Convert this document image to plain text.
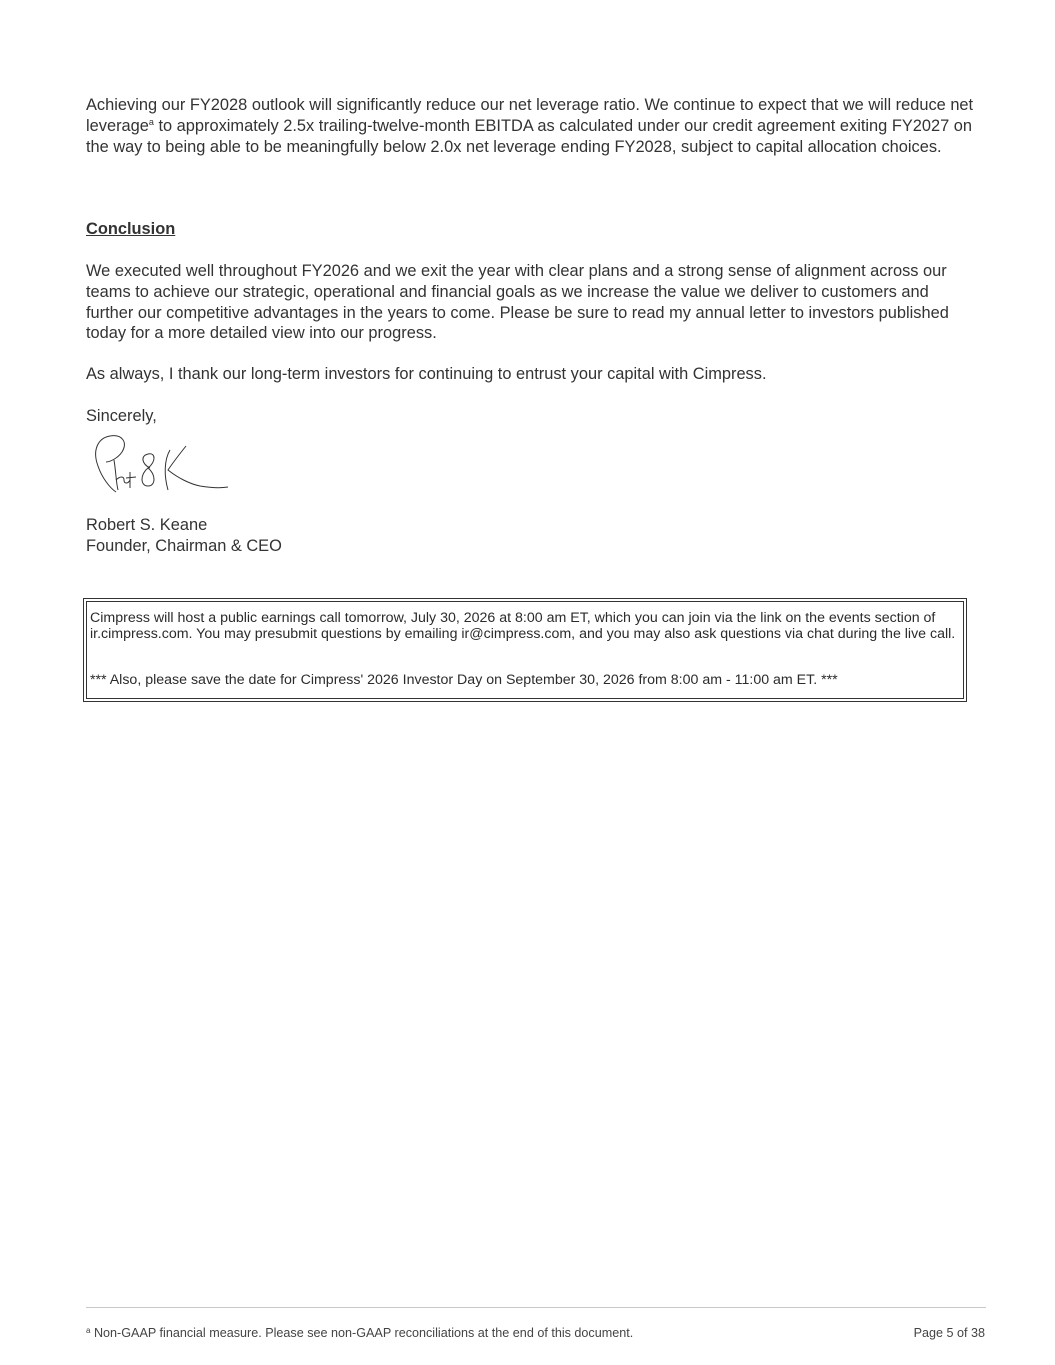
Achieving our FY2028 outlook will significantly reduce our net leverage ratio. We continue to expect that we will reduce net leverage$^a$ to approximately 2.5x trailing-twelve-month EBITDA as calculated under our credit agreement exiting FY2027 on the way to being able to be meaningfully below 2.0x net leverage ending FY2028, subject to capital allocation choices.

Conclusion

We executed well throughout FY2026 and we exit the year with clear plans and a strong sense of alignment across our teams to achieve our strategic, operational and financial goals as we increase the value we deliver to customers and further our competitive advantages in the years to come. Please be sure to read my annual letter to investors published today for a more detailed view into our progress.

As always, I thank our long-term investors for continuing to entrust your capital with Cimpress.

Sincerely,

Robert S. Keane
Founder, Chairman & CEO

Cimpress will host a public earnings call tomorrow, July 30, 2026 at 8:00 am ET, which you can join via the link on the events section of ir.cimpress.com. You may presubmit questions by emailing ir@cimpress.com, and you may also ask questions via chat during the live call.

*** Also, please save the date for Cimpress' 2026 Investor Day on September 30, 2026 from 8:00 am - 11:00 am ET. ***

$^a$ Non-GAAP financial measure. Please see non-GAAP reconciliations at the end of this document.	Page 5 of 38
